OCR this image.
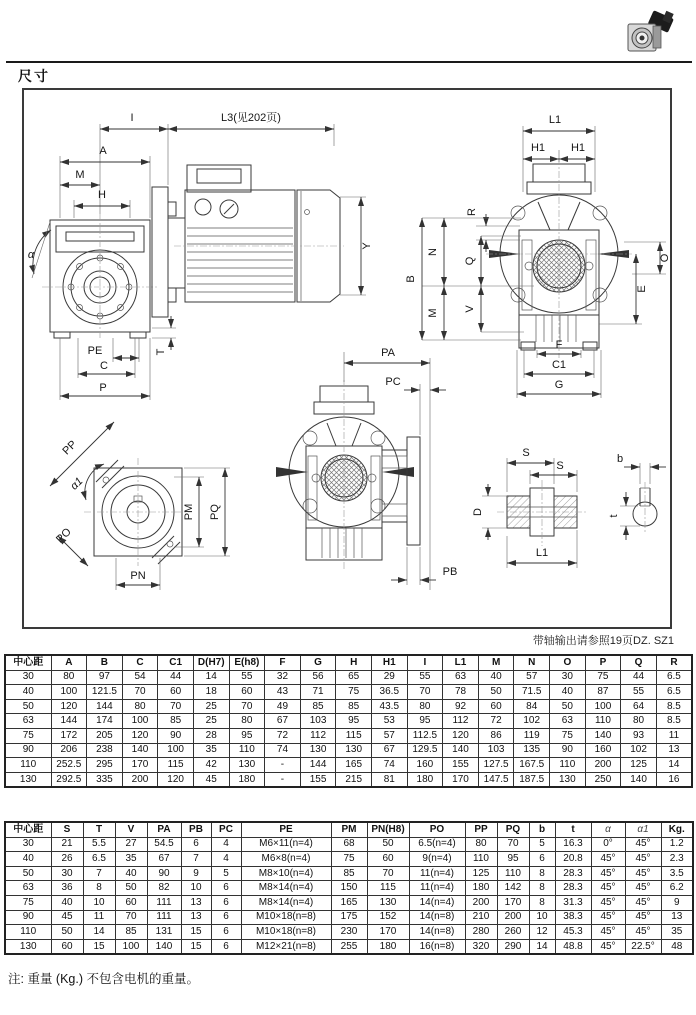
尺寸
I	L3(见202页)
A
M
H
α
Y
PE
C
P
T
L1
H1 H1
R
B
N
M
Q
V
O
E
F
C1
G
PP
α1
PO
PN
PM PQ
PA
PC
PB
S
S
D
L1
b
t
带轴输出请参照19页DZ. SZ1
中心距	A	B	C	C1	D(H7)	E(h8)	F	G	H	H1	I	L1	M	N	O	P	Q	R
30	80	97	54	44	14	55	32	56	65	29	55	63	40	57	30	75	44	6.5
40	100	121.5	70	60	18	60	43	71	75	36.5	70	78	50	71.5	40	87	55	6.5
50	120	144	80	70	25	70	49	85	85	43.5	80	92	60	84	50	100	64	8.5
63	144	174	100	85	25	80	67	103	95	53	95	112	72	102	63	110	80	8.5
75	172	205	120	90	28	95	72	112	115	57	112.5	120	86	119	75	140	93	11
90	206	238	140	100	35	110	74	130	130	67	129.5	140	103	135	90	160	102	13
110	252.5	295	170	115	42	130	-	144	165	74	160	155	127.5	167.5	110	200	125	14
130	292.5	335	200	120	45	180	-	155	215	81	180	170	147.5	187.5	130	250	140	16
中心距	S	T	V	PA	PB	PC	PE	PM	PN(H8)	PO	PP	PQ	b	t	α	α1	Kg.
30	21	5.5	27	54.5	6	4	M6×11(n=4)	68	50	6.5(n=4)	80	70	5	16.3	0°	45°	1.2
40	26	6.5	35	67	7	4	M6×8(n=4)	75	60	9(n=4)	110	95	6	20.8	45°	45°	2.3
50	30	7	40	90	9	5	M8×10(n=4)	85	70	11(n=4)	125	110	8	28.3	45°	45°	3.5
63	36	8	50	82	10	6	M8×14(n=4)	150	115	11(n=4)	180	142	8	28.3	45°	45°	6.2
75	40	10	60	111	13	6	M8×14(n=4)	165	130	14(n=4)	200	170	8	31.3	45°	45°	9
90	45	11	70	111	13	6	M10×18(n=8)	175	152	14(n=8)	210	200	10	38.3	45°	45°	13
110	50	14	85	131	15	6	M10×18(n=8)	230	170	14(n=8)	280	260	12	45.3	45°	45°	35
130	60	15	100	140	15	6	M12×21(n=8)	255	180	16(n=8)	320	290	14	48.8	45°	22.5°	48
注: 重量 (Kg.) 不包含电机的重量。
